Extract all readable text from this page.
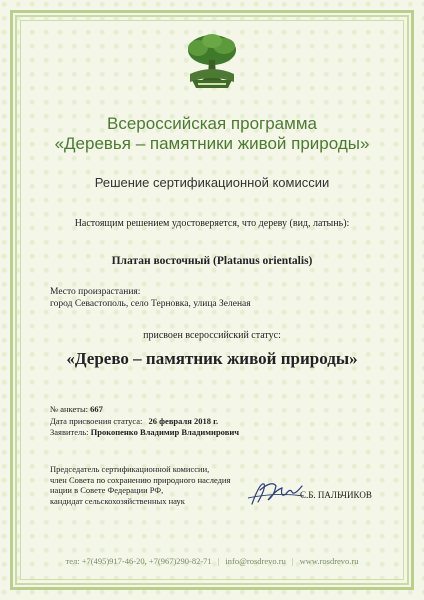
Всероссийская программа
«Деревья – памятники живой природы»
Решение сертификационной комиссии
Настоящим решением удостоверяется, что дереву (вид, латынь):
Платан восточный (Platanus orientalis)
Место произрастания:
город Севастополь, село Терновка, улица Зеленая
присвоен всероссийский статус:
«Дерево – памятник живой природы»
№ анкеты: 667
Дата присвоения статуса: 26 февраля 2018 г.
Заявитель: Прокопенко Владимир Владимирович
Председатель сертификационной комиссии,
член Совета по сохранению природного наследия
нации в Совете Федерации РФ,
кандидат сельскохозяйственных наук
С.Б. ПАЛЬЧИКОВ
тел: +7(495)917-46-20, +7(967)290-82-71 | info@rosdrevo.ru | www.rosdrevo.ru
